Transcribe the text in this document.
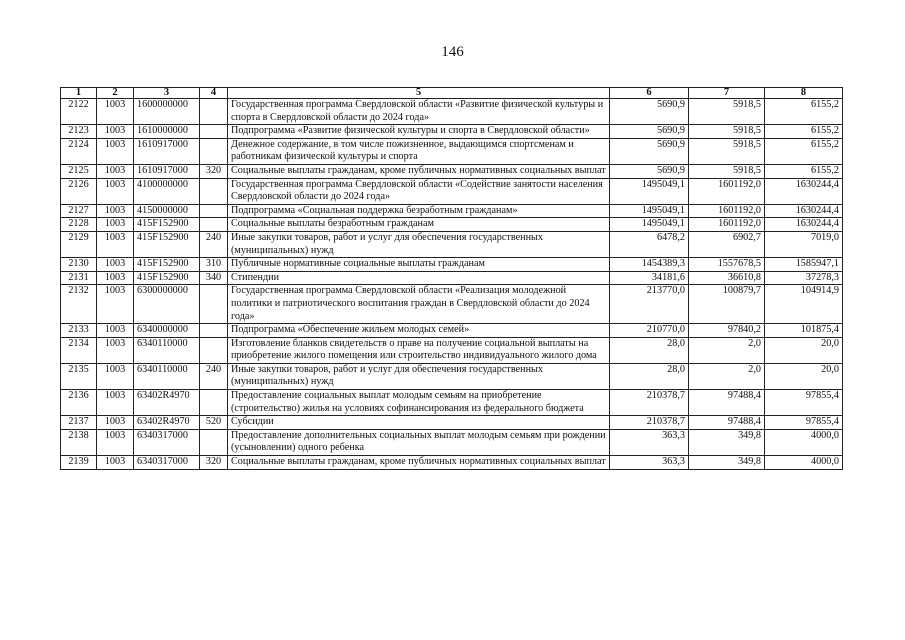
146
1	2	3	4	5	6	7	8
2122	1003	1600000000		Государственная программа Свердловской области «Развитие физической культуры и спорта в Свердловской области до 2024 года»	5690,9	5918,5	6155,2
2123	1003	1610000000		Подпрограмма «Развитие физической культуры и спорта в Свердловской области»	5690,9	5918,5	6155,2
2124	1003	1610917000		Денежное содержание, в том числе пожизненное, выдающимся спортсменам и работникам физической культуры и спорта	5690,9	5918,5	6155,2
2125	1003	1610917000	320	Социальные выплаты гражданам, кроме публичных нормативных социальных выплат	5690,9	5918,5	6155,2
2126	1003	4100000000		Государственная программа Свердловской области «Содействие занятости населения Свердловской области до 2024 года»	1495049,1	1601192,0	1630244,4
2127	1003	4150000000		Подпрограмма «Социальная поддержка безработным гражданам»	1495049,1	1601192,0	1630244,4
2128	1003	415F152900		Социальные выплаты безработным гражданам	1495049,1	1601192,0	1630244,4
2129	1003	415F152900	240	Иные закупки товаров, работ и услуг для обеспечения государственных (муниципальных) нужд	6478,2	6902,7	7019,0
2130	1003	415F152900	310	Публичные нормативные социальные выплаты гражданам	1454389,3	1557678,5	1585947,1
2131	1003	415F152900	340	Стипендии	34181,6	36610,8	37278,3
2132	1003	6300000000		Государственная программа Свердловской области «Реализация молодежной политики и патриотического воспитания граждан в Свердловской области до 2024 года»	213770,0	100879,7	104914,9
2133	1003	6340000000		Подпрограмма «Обеспечение жильем молодых семей»	210770,0	97840,2	101875,4
2134	1003	6340110000		Изготовление бланков свидетельств о праве на получение социальной выплаты на приобретение жилого помещения или строительство индивидуального жилого дома	28,0	2,0	20,0
2135	1003	6340110000	240	Иные закупки товаров, работ и услуг для обеспечения государственных (муниципальных) нужд	28,0	2,0	20,0
2136	1003	63402R4970		Предоставление социальных выплат молодым семьям на приобретение (строительство) жилья на условиях софинансирования из федерального бюджета	210378,7	97488,4	97855,4
2137	1003	63402R4970	520	Субсидии	210378,7	97488,4	97855,4
2138	1003	6340317000		Предоставление дополнительных социальных выплат молодым семьям при рождении (усыновлении) одного ребенка	363,3	349,8	4000,0
2139	1003	6340317000	320	Социальные выплаты гражданам, кроме публичных нормативных социальных выплат	363,3	349,8	4000,0
